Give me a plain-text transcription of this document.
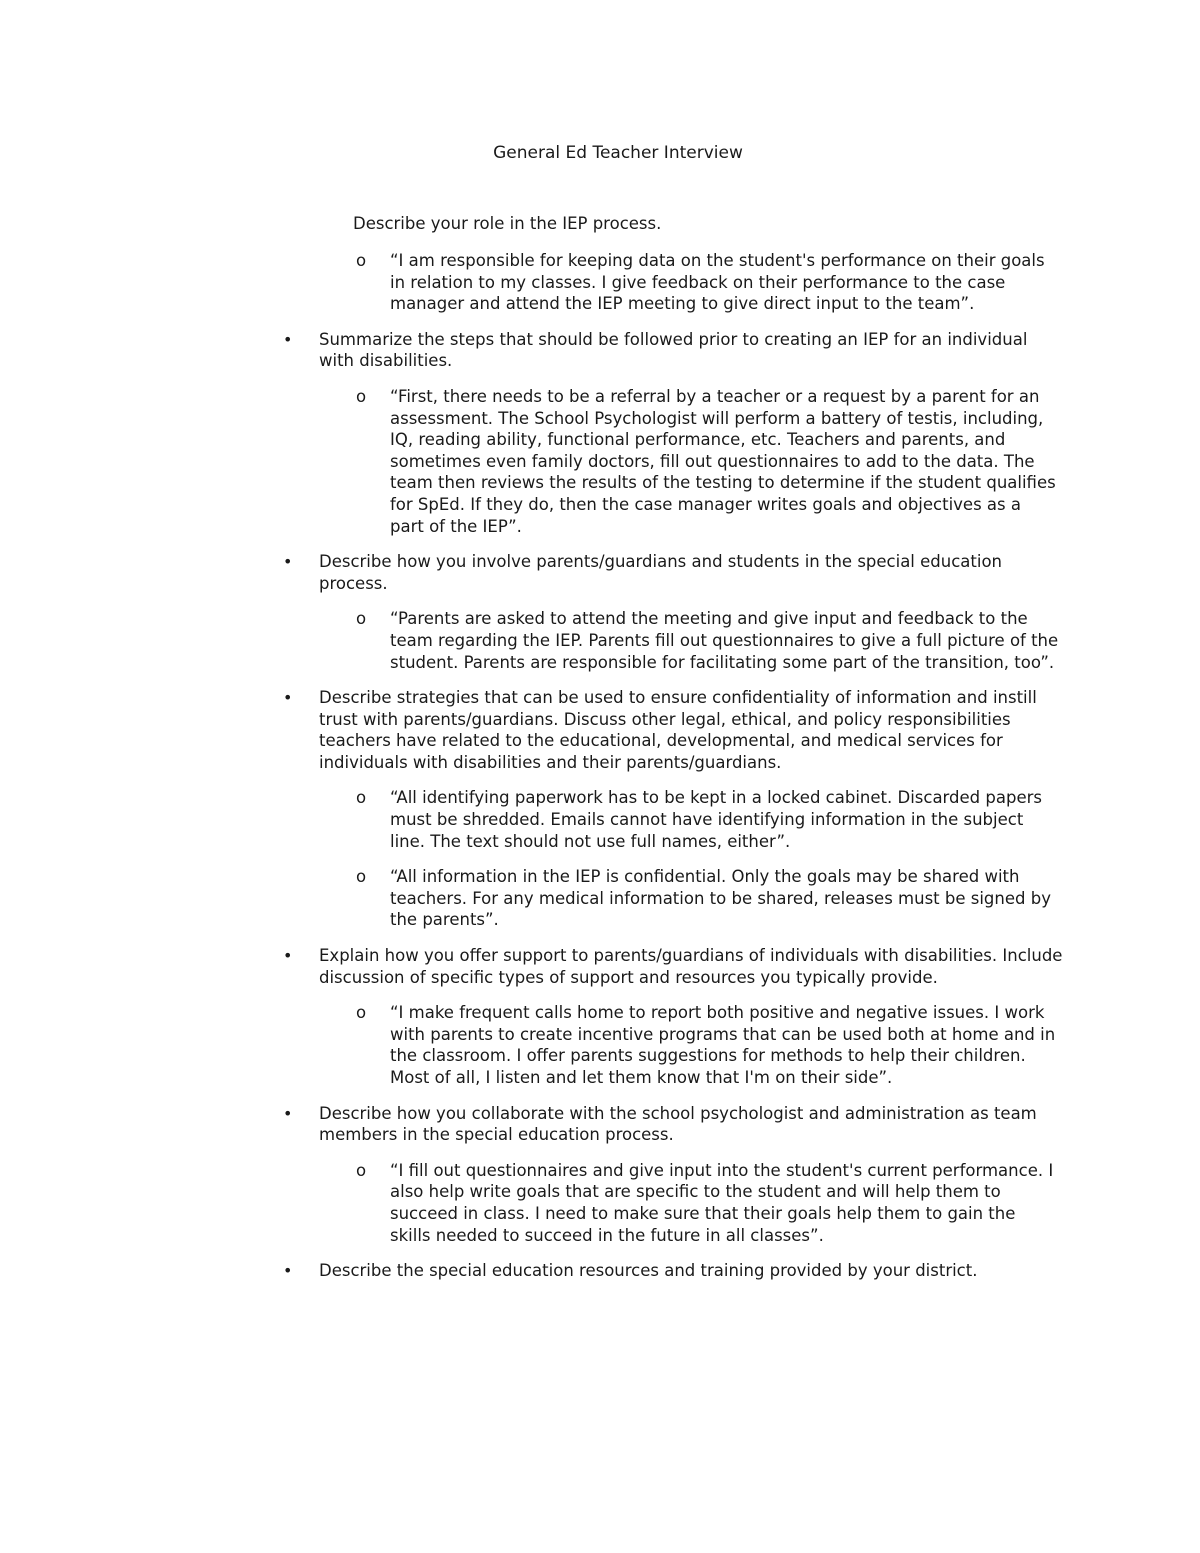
General Ed Teacher Interview
Describe your role in the IEP process.
o “I am responsible for keeping data on the student's performance on their goals in relation to my classes. I give feedback on their performance to the case manager and attend the IEP meeting to give direct input to the team”.
• Summarize the steps that should be followed prior to creating an IEP for an individual with disabilities.
o “First, there needs to be a referral by a teacher or a request by a parent for an assessment. The School Psychologist will perform a battery of testis, including, IQ, reading ability, functional performance, etc. Teachers and parents, and sometimes even family doctors, fill out questionnaires to add to the data. The team then reviews the results of the testing to determine if the student qualifies for SpEd. If they do, then the case manager writes goals and objectives as a part of the IEP”.
• Describe how you involve parents/guardians and students in the special education process.
o “Parents are asked to attend the meeting and give input and feedback to the team regarding the IEP. Parents fill out questionnaires to give a full picture of the student. Parents are responsible for facilitating some part of the transition, too”.
• Describe strategies that can be used to ensure confidentiality of information and instill trust with parents/guardians. Discuss other legal, ethical, and policy responsibilities teachers have related to the educational, developmental, and medical services for individuals with disabilities and their parents/guardians.
o “All identifying paperwork has to be kept in a locked cabinet. Discarded papers must be shredded. Emails cannot have identifying information in the subject line. The text should not use full names, either”.
o “All information in the IEP is confidential. Only the goals may be shared with teachers. For any medical information to be shared, releases must be signed by the parents”.
• Explain how you offer support to parents/guardians of individuals with disabilities. Include discussion of specific types of support and resources you typically provide.
o “I make frequent calls home to report both positive and negative issues. I work with parents to create incentive programs that can be used both at home and in the classroom. I offer parents suggestions for methods to help their children. Most of all, I listen and let them know that I'm on their side”.
• Describe how you collaborate with the school psychologist and administration as team members in the special education process.
o “I fill out questionnaires and give input into the student's current performance. I also help write goals that are specific to the student and will help them to succeed in class. I need to make sure that their goals help them to gain the skills needed to succeed in the future in all classes”.
• Describe the special education resources and training provided by your district.
